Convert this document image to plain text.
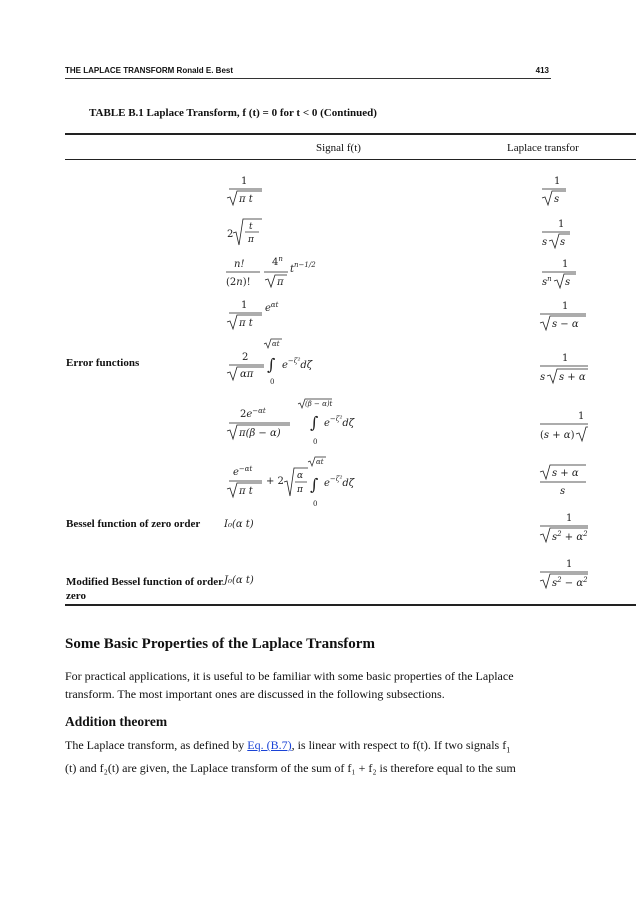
THE LAPLACE TRANSFORM Ronald E. Best	413
TABLE B.1 Laplace Transform, f (t) = 0 for t < 0 (Continued)
Signal f(t)	Laplace transfor
Error functions
Bessel function of zero order
Modified Bessel function of order zero
1
π t
2
t
π
n!
(2n)!
4$^n$
π
$t^{n-1/2}$
1
π t
$e^{\alpha t}$
αt
2
απ
∫
0
$e^{-\zeta^2}d\zeta$
(β − α)t
$2e^{-\alpha t}$
π(β − α)
∫
0
$e^{-\zeta^2}d\zeta$
αt
$e^{-\alpha t}$
π t
+ 2 α
π ∫
0
$e^{-\zeta^2}d\zeta$
I₀(α t)
J₀(α t)
1
s
1
s s
1
$s^n$ s
1
s − α
1
s s + α
1
(s + α)
s + α
s
1
$s^2 + \alpha^2$
1
$s^2 - \alpha^2$
Some Basic Properties of the Laplace Transform
For practical applications, it is useful to be familiar with some basic properties of the Laplace transform. The most important ones are discussed in the following subsections.
Addition theorem
The Laplace transform, as defined by Eq. (B.7), is linear with respect to f(t). If two signals $f_1$
(t) and f₂(t) are given, the Laplace transform of the sum of f₁ + f₂ is therefore equal to the sum
